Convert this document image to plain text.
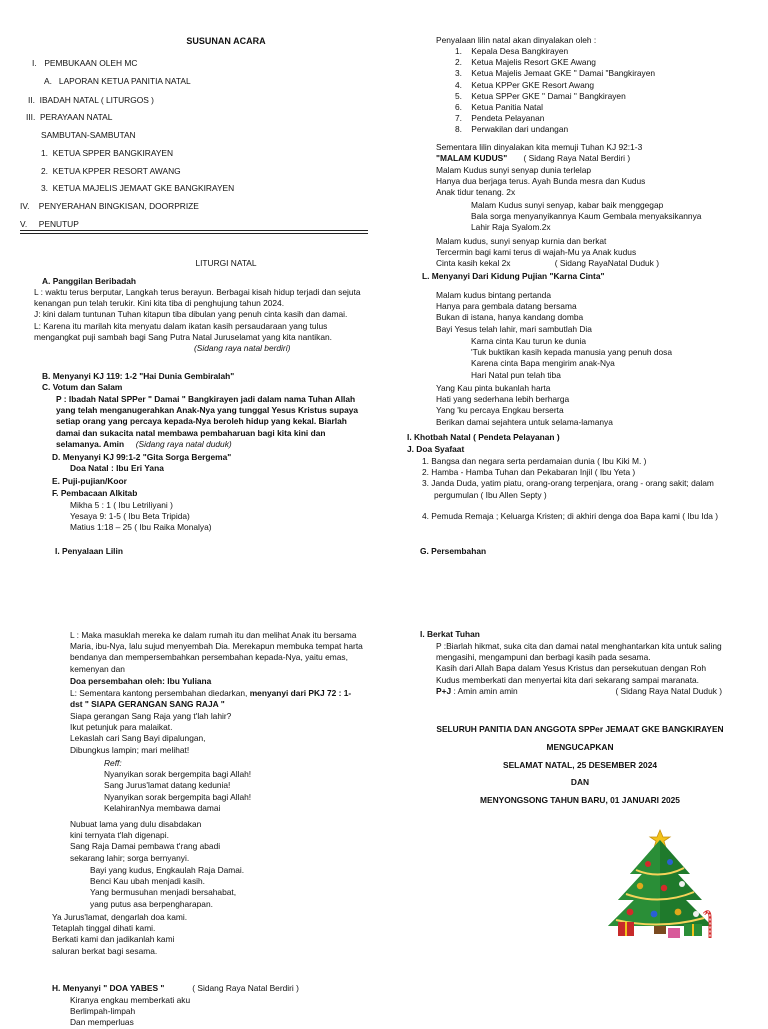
SUSUNAN ACARA
I. PEMBUKAAN OLEH MC
A. LAPORAN KETUA PANITIA NATAL
II. IBADAH NATAL ( LITURGOS )
III. PERAYAAN NATAL
SAMBUTAN-SAMBUTAN
1. KETUA SPPER BANGKIRAYEN
2. KETUA KPPER RESORT AWANG
3. KETUA MAJELIS JEMAAT GKE BANGKIRAYEN
IV. PENYERAHAN BINGKISAN, DOORPRIZE
V. PENUTUP
LITURGI NATAL
A. Panggilan Beribadah

L : waktu terus berputar, Langkah terus berayun. Berbagai kisah hidup terjadi dan sejuta kenangan pun telah terukir. Kini kita tiba di penghujung tahun 2024.

J: kini dalam tuntunan Tuhan kitapun tiba dibulan yang penuh cinta kasih dan damai.

L: Karena itu marilah kita menyatu dalam ikatan kasih persaudaraan yang tulus mengangkat puji sambah bagi Sang Putra Natal Juruselamat yang kita nantikan.

(Sidang raya natal berdiri)

B. Menyanyi KJ 119: 1-2 "Hai Dunia Gembiralah"
C. Votum dan Salam
P : Ibadah Natal SPPer " Damai " Bangkirayen jadi dalam nama Tuhan Allah yang telah menganugerahkan Anak-Nya yang tunggal Yesus Kristus supaya setiap orang yang percaya kepada-Nya beroleh hidup yang kekal. Biarlah damai dan sukacita natal membawa pembaharuan bagi kita kini dan selamanya. Amin (Sidang raya natal duduk)
D. Menyanyi KJ 99:1-2 "Gita Sorga Bergema"
Doa Natal : Ibu Eri Yana
E. Puji-pujian/Koor
F. Pembacaan Alkitab

Mikha 5 : 1 ( Ibu Letriliyani )

Yesaya 9: 1-5 ( Ibu Beta Tripida)

Matius 1:18 – 25 ( Ibu Raika Monalya)

I. Penyalaan Lilin
L : Maka masuklah mereka ke dalam rumah itu dan melihat Anak itu bersama Maria, ibu-Nya, lalu sujud menyembah Dia. Merekapun membuka tempat harta bendanya dan mempersembahkan persembahan kepada-Nya, yaitu emas, kemenyan dan
Doa persembahan oleh: Ibu Yuliana
L: Sementara kantong persembahan diedarkan, menyanyi dari PKJ 72 : 1-
dst " SIAPA GERANGAN SANG RAJA "

Siapa gerangan Sang Raja yang t'lah lahir?

Ikut petunjuk para malaikat.

Lekaslah cari Sang Bayi dipalungan,

Dibungkus lampin; mari melihat!

Reff:

Nyanyikan sorak bergempita bagi Allah!

Sang Jurus'lamat datang kedunia!

Nyanyikan sorak bergempita bagi Allah!

KelahiranNya membawa damai

Nubuat lama yang dulu disabdakan

kini ternyata t'lah digenapi.

Sang Raja Damai pembawa t'rang abadi

sekarang lahir; sorga bernyanyi.

Bayi yang kudus, Engkaulah Raja Damai.

Benci Kau ubah menjadi kasih.

Yang bermusuhan menjadi bersahabat,

yang putus asa berpengharapan.

Ya Jurus'lamat, dengarlah doa kami.

Tetaplah tinggal dihati kami.

Berkati kami dan jadikanlah kami

saluran berkat bagi sesama.

H. Menyanyi " DOA YABES "	( Sidang Raya Natal Berdiri )

Kiranya engkau memberkati aku

Berlimpah-limpah

Dan memperluas

Penyalaan lilin natal akan dinyalakan oleh :

1.    Kepala Desa Bangkirayen

2.    Ketua Majelis Resort GKE Awang

3.    Ketua Majelis Jemaat GKE " Damai "Bangkirayen

4.    Ketua KPPer GKE Resort Awang

5.    Ketua SPPer GKE " Damai " Bangkirayen

6.    Ketua Panitia Natal

7.    Pendeta Pelayanan

8.    Perwakilan dari undangan

Sementara lilin dinyalakan kita memuji Tuhan KJ 92:1-3
"MALAM KUDUS" ( Sidang Raya Natal Berdiri )

Malam Kudus sunyi senyap dunia terlelap

Hanya dua berjaga terus. Ayah Bunda mesra dan Kudus

Anak tidur tenang. 2x

Malam Kudus sunyi senyap, kabar baik menggegap

Bala sorga menyanyikannya Kaum Gembala menyaksikannya

Lahir Raja Syalom.2x

Malam kudus, sunyi senyap kurnia dan berkat

Tercermin bagi kami terus di wajah-Mu ya Anak kudus

Cinta kasih kekal 2x	( Sidang RayaNatal Duduk )

L. Menyanyi Dari Kidung Pujian "Karna Cinta"

Malam kudus bintang pertanda

Hanya para gembala datang bersama

Bukan di istana, hanya kandang domba

Bayi Yesus telah lahir, mari sambutlah Dia

Karna cinta Kau turun ke dunia

'Tuk buktikan kasih kepada manusia yang penuh dosa

Karena cinta Bapa mengirim anak-Nya

Hari Natal pun telah tiba

Yang Kau pinta bukanlah harta

Hati yang sederhana lebih berharga

Yang 'ku percaya Engkau berserta

Berikan damai sejahtera untuk selama-lamanya

I. Khotbah Natal ( Pendeta Pelayanan )
J. Doa Syafaat

1. Bangsa dan negara serta perdamaian dunia ( Ibu Kiki M. )

2. Hamba - Hamba Tuhan dan Pekabaran Injil ( Ibu Yeta )

3. Janda Duda, yatim piatu, orang-orang terpenjara, orang - orang sakit; dalam

pergumulan ( Ibu Allen Septy )

4. Pemuda Remaja ; Keluarga Kristen; di akhiri denga doa Bapa kami ( Ibu Ida )
G. Persembahan
I. Berkat Tuhan

P :Biarlah hikmat, suka cita dan damai natal menghantarkan kita untuk saling mengasihi, mengampuni dan berbagi kasih pada sesama.

Kasih dari Allah Bapa dalam Yesus Kristus dan persekutuan dengan Roh Kudus memberkati dan menyertai kita dari sekarang sampai maranata.

P+J : Amin amin amin	( Sidang Raya Natal Duduk )

SELURUH PANITIA DAN ANGGOTA SPPer JEMAAT GKE BANGKIRAYEN
MENGUCAPKAN
SELAMAT NATAL, 25 DESEMBER 2024
DAN
MENYONGSONG TAHUN BARU, 01 JANUARI 2025
